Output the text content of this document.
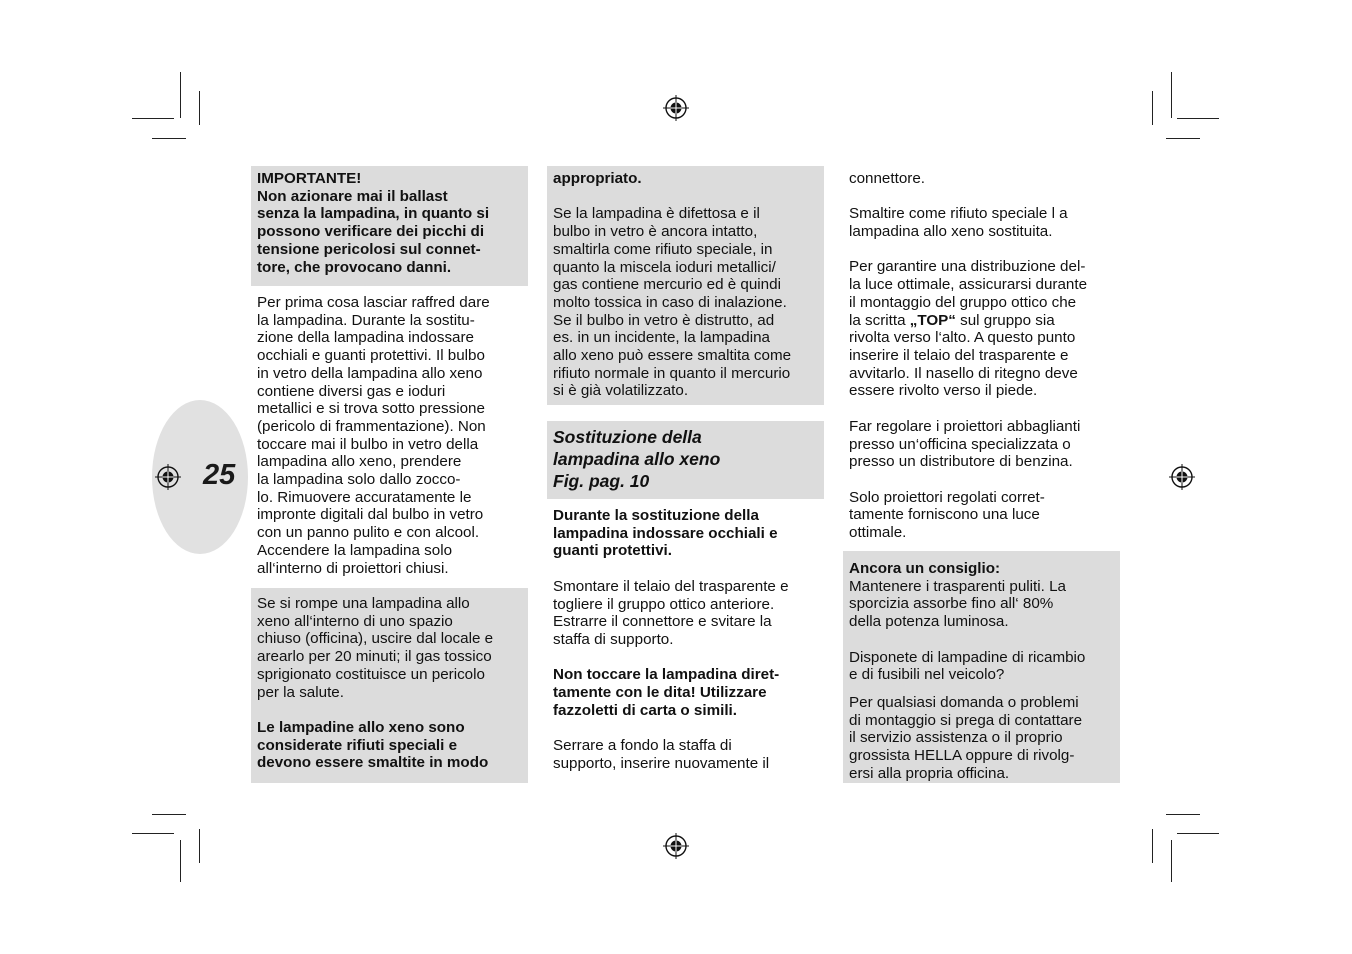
25

IMPORTANTE!

Non azionare mai il ballast
senza la lampadina, in quanto si
possono verificare dei picchi di
tensione pericolosi sul connet-
tore, che provocano danni.

Per prima cosa lasciar raffred dare
la lampadina. Durante la sostitu-
zione della lampadina indossare
occhiali e guanti protettivi. Il bulbo
in vetro della lampadina allo xeno
contiene diversi gas e ioduri
metallici e si trova sotto pressione
(pericolo di frammentazione). Non
toccare mai il bulbo in vetro della
lampadina allo xeno, prendere
la lampadina solo dallo zocco-
lo. Rimuovere accuratamente le
impronte digitali dal bulbo in vetro
con un panno pulito e con alcool.
Accendere la lampadina solo
all‘interno di proiettori chiusi.

Se si rompe una lampadina allo
xeno all‘interno di uno spazio
chiuso (officina), uscire dal locale e
arearlo per 20 minuti; il gas tossico
sprigionato costituisce un pericolo
per la salute.

Le lampadine allo xeno sono
considerate rifiuti speciali e
devono essere smaltite in modo

appropriato.

Se la lampadina è difettosa e il
bulbo in vetro è ancora intatto,
smaltirla come rifiuto speciale, in
quanto la miscela ioduri metallici/
gas contiene mercurio ed è quindi
molto tossica in caso di inalazione.
Se il bulbo in vetro è distrutto, ad
es. in un incidente, la lampadina
allo xeno può essere smaltita come
rifiuto normale in quanto il mercurio
si è già volatilizzato.

Sostituzione della
lampadina allo xeno
Fig. pag. 10

Durante la sostituzione della
lampadina indossare occhiali e
guanti protettivi.

Smontare il telaio del trasparente e
togliere il gruppo ottico anteriore.
Estrarre il connettore e svitare la
staffa di supporto.

Non toccare la lampadina diret-
tamente con le dita! Utilizzare
fazzoletti di carta o simili.

Serrare a fondo la staffa di
supporto, inserire nuovamente il

connettore.

Smaltire come rifiuto speciale l a
lampadina allo xeno sostituita.

Per garantire una distribuzione del-
la luce ottimale, assicurarsi durante
il montaggio del gruppo ottico che
la scritta „TOP“ sul gruppo sia
rivolta verso l‘alto. A questo punto
inserire il telaio del trasparente e
avvitarlo. Il nasello di ritegno deve
essere rivolto verso il piede.

Far regolare i proiettori abbaglianti
presso un‘officina specializzata o
presso un distributore di benzina.

Solo proiettori regolati corret-
tamente forniscono una luce
ottimale.

Ancora un consiglio:

Mantenere i trasparenti puliti. La
sporcizia assorbe fino all‘ 80%
della potenza luminosa.

Disponete di lampadine di ricambio
e di fusibili nel veicolo?

Per qualsiasi domanda o problemi
di montaggio si prega di contattare
il servizio assistenza o il proprio
grossista HELLA oppure di rivolg-
ersi alla propria officina.
